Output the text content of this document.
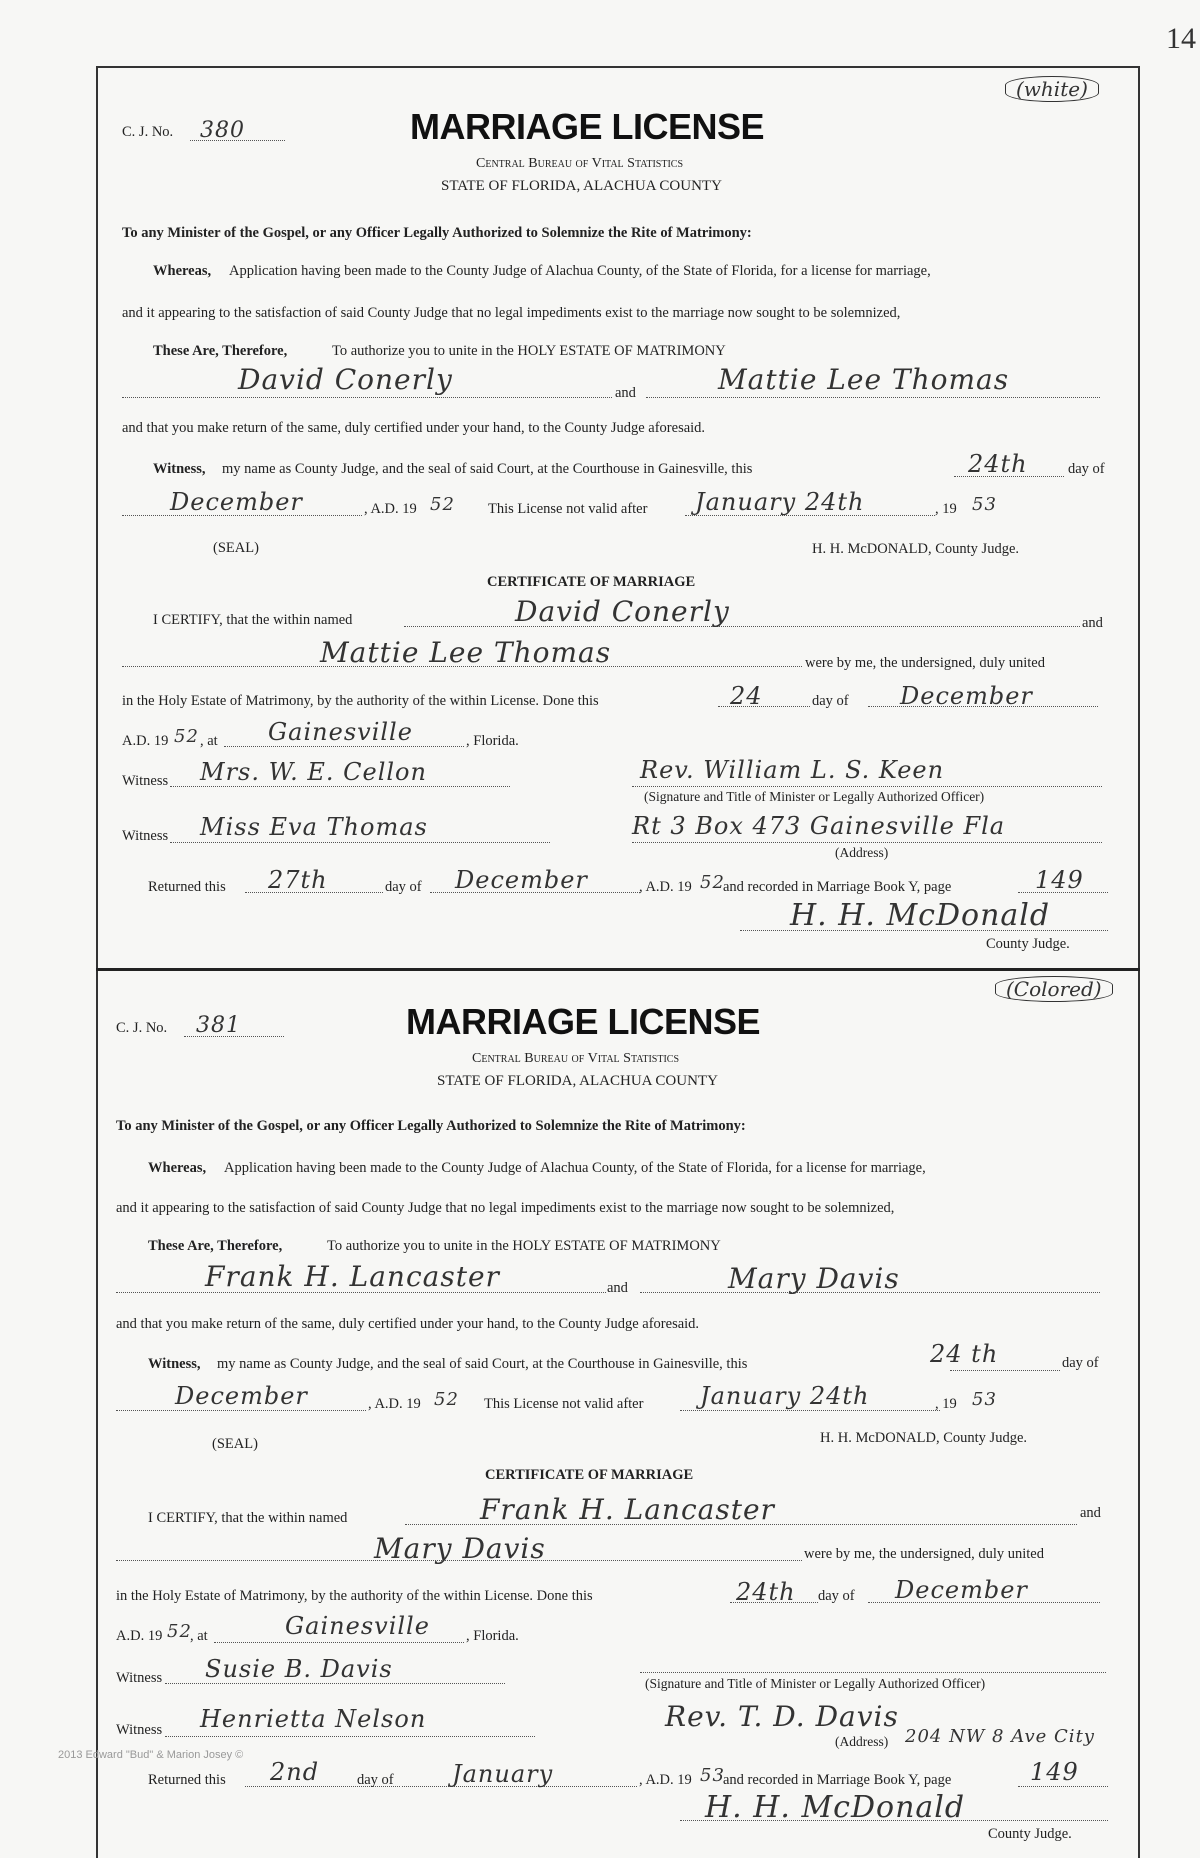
14
(white)
C. J. No. 380	MARRIAGE LICENSE
Central Bureau of Vital Statistics
STATE OF FLORIDA, ALACHUA COUNTY
To any Minister of the Gospel, or any Officer Legally Authorized to Solemnize the Rite of Matrimony:
Whereas, Application having been made to the County Judge of Alachua County, of the State of Florida, for a license for marriage,
and it appearing to the satisfaction of said County Judge that no legal impediments exist to the marriage now sought to be solemnized,
These Are, Therefore,	To authorize you to unite in the HOLY ESTATE OF MATRIMONY
David Conerly	and	Mattie Lee Thomas
and that you make return of the same, duly certified under your hand, to the County Judge aforesaid.
Witness, my name as County Judge, and the seal of said Court, at the Courthouse in Gainesville, this	24th	day of
December	, A.D. 19 52 This License not valid after January 24th	, 19 53
(SEAL)	H. H. McDONALD, County Judge.
CERTIFICATE OF MARRIAGE
I CERTIFY, that the within named	David Conerly	and
Mattie Lee Thomas	were by me, the undersigned, duly united
in the Holy Estate of Matrimony, by the authority of the within License. Done this	24	day of December
A.D. 19 52 , at Gainesville	, Florida.
Witness Mrs. W. E. Cellon	Rev. William L. S. Keen
(Signature and Title of Minister or Legally Authorized Officer)
Witness Miss Eva Thomas	Rt 3 Box 473 Gainesville Fla
(Address)
Returned this 27th	day of December	, A.D. 19 52
and recorded in Marriage Book Y, page	149
H. H. McDonald
County Judge.
(Colored)
C. J. No. 381	MARRIAGE LICENSE
Central Bureau of Vital Statistics
STATE OF FLORIDA, ALACHUA COUNTY
To any Minister of the Gospel, or any Officer Legally Authorized to Solemnize the Rite of Matrimony:
Whereas, Application having been made to the County Judge of Alachua County, of the State of Florida, for a license for marriage,
and it appearing to the satisfaction of said County Judge that no legal impediments exist to the marriage now sought to be solemnized,
These Are, Therefore,	To authorize you to unite in the HOLY ESTATE OF MATRIMONY
Frank H. Lancaster	and	Mary Davis
and that you make return of the same, duly certified under your hand, to the County Judge aforesaid.
Witness, my name as County Judge, and the seal of said Court, at the Courthouse in Gainesville, this	24 th	day of
December	, A.D. 19 52 This License not valid after January 24th	, 19 53
(SEAL)	H. H. McDONALD, County Judge.
CERTIFICATE OF MARRIAGE
I CERTIFY, that the within named	Frank H. Lancaster	and
Mary Davis	were by me, the undersigned, duly united
in the Holy Estate of Matrimony, by the authority of the within License. Done this	24th day of December
A.D. 19 52
, at	Gainesville , Florida.
Witness Susie B. Davis
(Signature and Title of Minister or Legally Authorized Officer)
Witness Henrietta Nelson	Rev. T. D. Davis
(Address) 204 NW 8 Ave City
Returned this 2nd	day of January	, A.D. 19 53
and recorded in Marriage Book Y, page	149
H. H. McDonald
County Judge.
2013 Edward "Bud" & Marion Josey ©
